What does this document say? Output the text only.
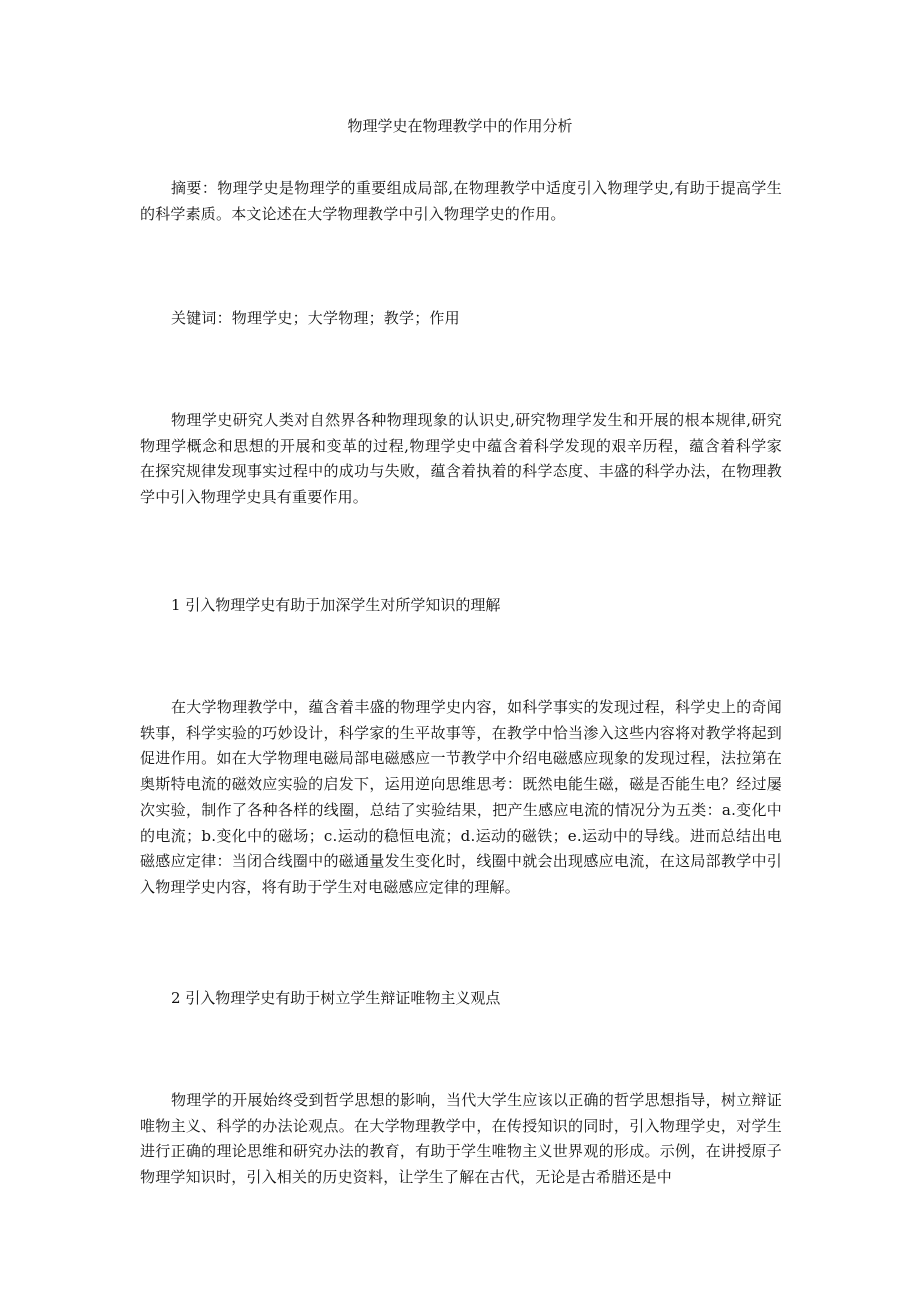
物理学史在物理教学中的作用分析

摘要：物理学史是物理学的重要组成局部,在物理教学中适度引入物理学史,有助于提高学生的科学素质。本文论述在大学物理教学中引入物理学史的作用。

关键词：物理学史；大学物理；教学；作用

物理学史研究人类对自然界各种物理现象的认识史,研究物理学发生和开展的根本规律,研究物理学概念和思想的开展和变革的过程,物理学史中蕴含着科学发现的艰辛历程，蕴含着科学家在探究规律发现事实过程中的成功与失败，蕴含着执着的科学态度、丰盛的科学办法，在物理教学中引入物理学史具有重要作用。

1 引入物理学史有助于加深学生对所学知识的理解

在大学物理教学中，蕴含着丰盛的物理学史内容，如科学事实的发现过程，科学史上的奇闻轶事，科学实验的巧妙设计，科学家的生平故事等，在教学中恰当渗入这些内容将对教学将起到促进作用。如在大学物理电磁局部电磁感应一节教学中介绍电磁感应现象的发现过程，法拉第在奥斯特电流的磁效应实验的启发下，运用逆向思维思考：既然电能生磁，磁是否能生电？经过屡次实验，制作了各种各样的线圈，总结了实验结果，把产生感应电流的情况分为五类：a.变化中的电流；b.变化中的磁场；c.运动的稳恒电流；d.运动的磁铁；e.运动中的导线。进而总结出电磁感应定律：当闭合线圈中的磁通量发生变化时，线圈中就会出现感应电流，在这局部教学中引入物理学史内容，将有助于学生对电磁感应定律的理解。

2 引入物理学史有助于树立学生辩证唯物主义观点

物理学的开展始终受到哲学思想的影响，当代大学生应该以正确的哲学思想指导，树立辩证唯物主义、科学的办法论观点。在大学物理教学中，在传授知识的同时，引入物理学史，对学生进行正确的理论思维和研究办法的教育，有助于学生唯物主义世界观的形成。示例，在讲授原子物理学知识时，引入相关的历史资料，让学生了解在古代，无论是古希腊还是中
